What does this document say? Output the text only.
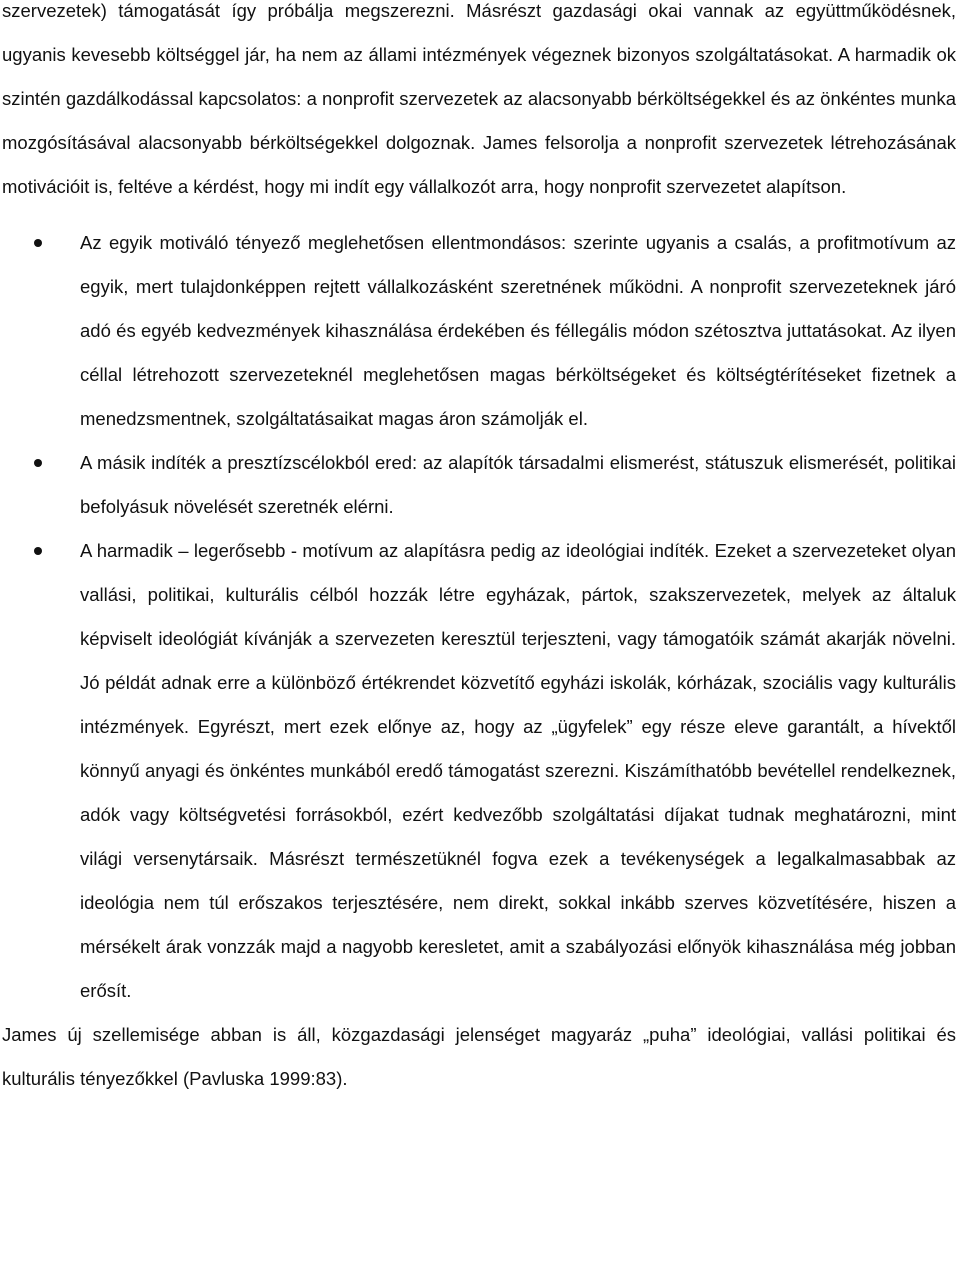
szervezetek) támogatását így próbálja megszerezni. Másrészt gazdasági okai vannak az együttműködésnek, ugyanis kevesebb költséggel jár, ha nem az állami intézmények végeznek bizonyos szolgáltatásokat. A harmadik ok szintén gazdálkodással kapcsolatos: a nonprofit szervezetek az alacsonyabb bérköltségekkel és az önkéntes munka mozgósításával alacsonyabb bérköltségekkel dolgoznak. James felsorolja a nonprofit szervezetek létrehozásának motivációit is, feltéve a kérdést, hogy mi indít egy vállalkozót arra, hogy nonprofit szervezetet alapítson.

Az egyik motiváló tényező meglehetősen ellentmondásos: szerinte ugyanis a csalás, a profitmotívum az egyik, mert tulajdonképpen rejtett vállalkozásként szeretnének működni. A nonprofit szervezeteknek járó adó és egyéb kedvezmények kihasználása érdekében és féllegális módon szétosztva juttatásokat. Az ilyen céllal létrehozott szervezeteknél meglehetősen magas bérköltségeket és költségtérítéseket fizetnek a menedzsmentnek, szolgáltatásaikat magas áron számolják el.
A másik indíték a presztízscélokból ered: az alapítók társadalmi elismerést, státuszuk elismerését, politikai befolyásuk növelését szeretnék elérni.
A harmadik – legerősebb - motívum az alapításra pedig az ideológiai indíték. Ezeket a szervezeteket olyan vallási, politikai, kulturális célból hozzák létre egyházak, pártok, szakszervezetek, melyek az általuk képviselt ideológiát kívánják a szervezeten keresztül terjeszteni, vagy támogatóik számát akarják növelni. Jó példát adnak erre a különböző értékrendet közvetítő egyházi iskolák, kórházak, szociális vagy kulturális intézmények. Egyrészt, mert ezek előnye az, hogy az „ügyfelek” egy része eleve garantált, a hívektől könnyű anyagi és önkéntes munkából eredő támogatást szerezni. Kiszámíthatóbb bevétellel rendelkeznek, adók vagy költségvetési forrásokból, ezért kedvezőbb szolgáltatási díjakat tudnak meghatározni, mint világi versenytársaik. Másrészt természetüknél fogva ezek a tevékenységek a legalkalmasabbak az ideológia nem túl erőszakos terjesztésére, nem direkt, sokkal inkább szerves közvetítésére, hiszen a mérsékelt árak vonzzák majd a nagyobb keresletet, amit a szabályozási előnyök kihasználása még jobban erősít.

James új szellemisége abban is áll, közgazdasági jelenséget magyaráz „puha” ideológiai, vallási politikai és kulturális tényezőkkel (Pavluska 1999:83).
